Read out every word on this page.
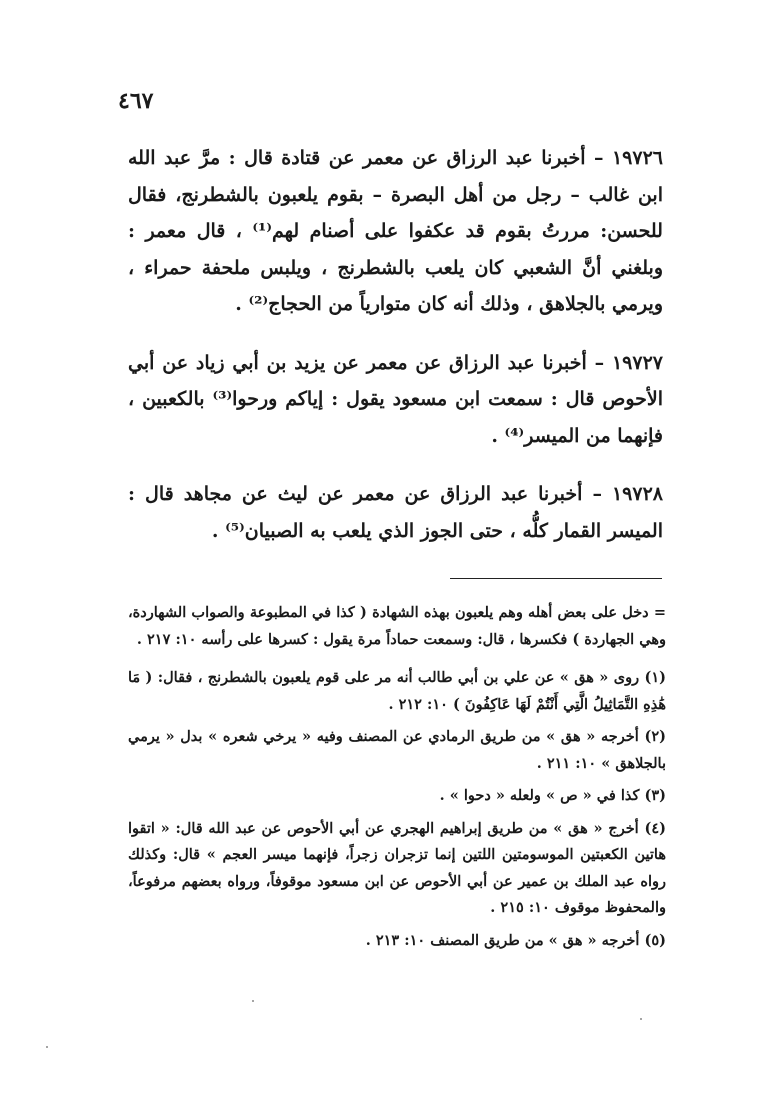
٤٦٧

١٩٧٢٦ – أخبرنا عبد الرزاق عن معمر عن قتادة قال : مرَّ عبد الله ابن غالب – رجل من أهل البصرة – بقوم يلعبون بالشطرنج، فقال للحسن: مررتُ بقوم قد عكفوا على أصنام لهم⁽¹⁾ ، قال معمر : وبلغني أنَّ الشعبي كان يلعب بالشطرنج ، ويلبس ملحفة حمراء ، ويرمي بالجلاهق ، وذلك أنه كان متوارياً من الحجاج⁽²⁾ .

١٩٧٢٧ – أخبرنا عبد الرزاق عن معمر عن يزيد بن أبي زياد عن أبي الأحوص قال : سمعت ابن مسعود يقول : إياكم ورحوا⁽³⁾ بالكعبين ، فإنهما من الميسر⁽⁴⁾ .

١٩٧٢٨ – أخبرنا عبد الرزاق عن معمر عن ليث عن مجاهد قال : الميسر القمار كلُّه ، حتى الجوز الذي يلعب به الصبيان⁽⁵⁾ .

= دخل على بعض أهله وهم يلعبون بهذه الشهادة ( كذا في المطبوعة والصواب الشهاردة، وهي الجهاردة ) فكسرها ، قال: وسمعت حماداً مرة يقول : كسرها على رأسه ١٠: ٢١٧ .

(١) روى « هق » عن علي بن أبي طالب أنه مر على قوم يلعبون بالشطرنج ، فقال: ( مَا هَٰذِهِ التَّمَاثِيلُ الَّتِي أَنْتُمْ لَهَا عَاكِفُونَ ) ١٠: ٢١٢ .

(٢) أخرجه « هق » من طريق الرمادي عن المصنف وفيه « يرخي شعره » بدل « يرمي بالجلاهق » ١٠: ٢١١ .

(٣) كذا في « ص » ولعله « دحوا » .

(٤) أخرج « هق » من طريق إبراهيم الهجري عن أبي الأحوص عن عبد الله قال: « اتقوا هاتين الكعبتين الموسومتين اللتين إنما تزجران زجراً، فإنهما ميسر العجم » قال: وكذلك رواه عبد الملك بن عمير عن أبي الأحوص عن ابن مسعود موقوفاً، ورواه بعضهم مرفوعاً، والمحفوظ موقوف ١٠: ٢١٥ .

(٥) أخرجه « هق » من طريق المصنف ١٠: ٢١٣ .
